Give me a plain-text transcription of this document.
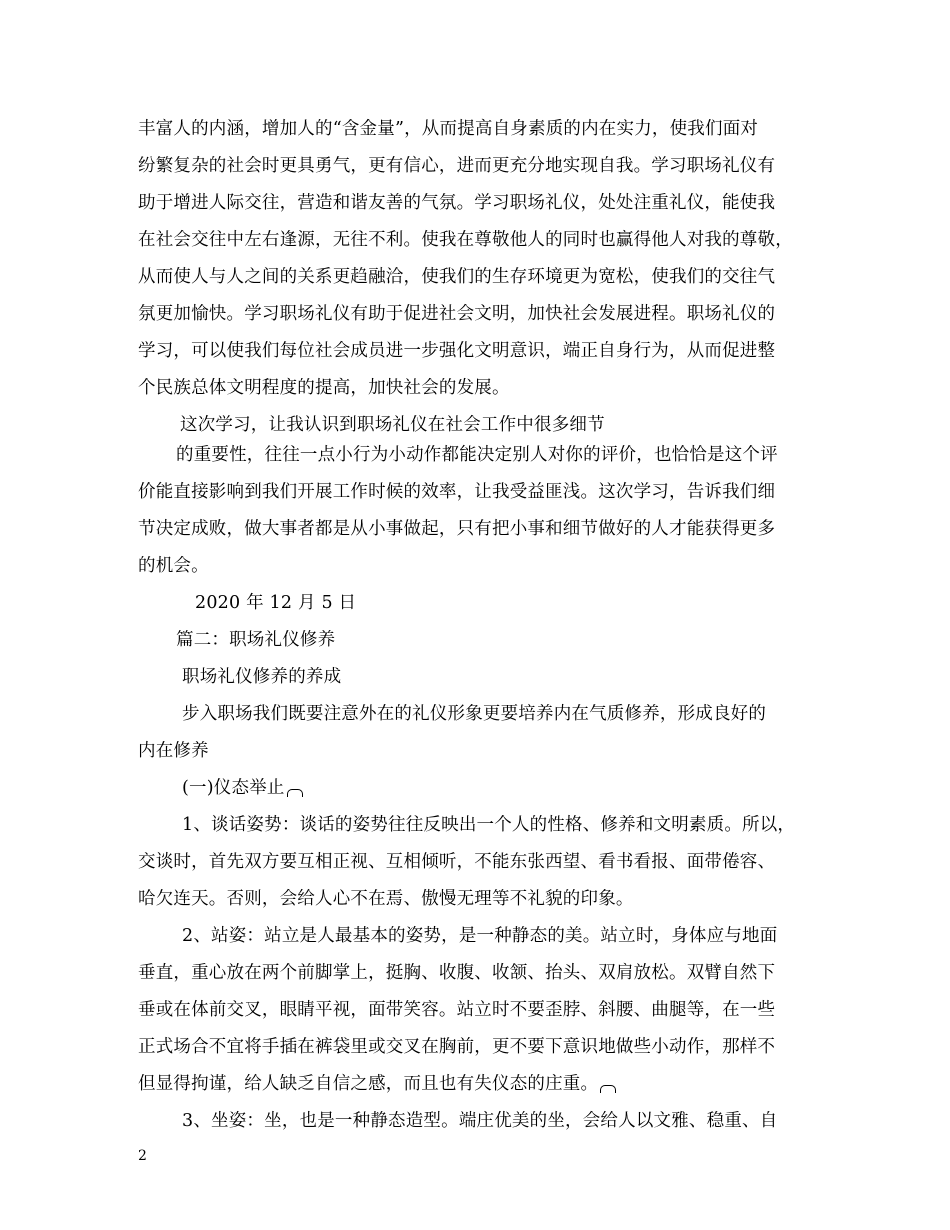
丰富人的内涵，增加人的“含金量”，从而提高自身素质的内在实力，使我们面对
纷繁复杂的社会时更具勇气，更有信心，进而更充分地实现自我。学习职场礼仪有
助于增进人际交往，营造和谐友善的气氛。学习职场礼仪，处处注重礼仪，能使我
在社会交往中左右逢源，无往不利。使我在尊敬他人的同时也赢得他人对我的尊敬，
从而使人与人之间的关系更趋融洽，使我们的生存环境更为宽松，使我们的交往气
氛更加愉快。学习职场礼仪有助于促进社会文明，加快社会发展进程。职场礼仪的
学习，可以使我们每位社会成员进一步强化文明意识，端正自身行为，从而促进整
个民族总体文明程度的提高，加快社会的发展。
这次学习，让我认识到职场礼仪在社会工作中很多细节
的重要性，往往一点小行为小动作都能决定别人对你的评价，也恰恰是这个评
价能直接影响到我们开展工作时候的效率，让我受益匪浅。这次学习，告诉我们细
节决定成败，做大事者都是从小事做起，只有把小事和细节做好的人才能获得更多
的机会。
2020 年 12 月 5 日
篇二：职场礼仪修养
职场礼仪修养的养成
步入职场我们既要注意外在的礼仪形象更要培养内在气质修养，形成良好的
内在修养
(一)仪态举止
1、谈话姿势：谈话的姿势往往反映出一个人的性格、修养和文明素质。所以，
交谈时，首先双方要互相正视、互相倾听，不能东张西望、看书看报、面带倦容、
哈欠连天。否则，会给人心不在焉、傲慢无理等不礼貌的印象。
2、站姿：站立是人最基本的姿势，是一种静态的美。站立时，身体应与地面
垂直，重心放在两个前脚掌上，挺胸、收腹、收颔、抬头、双肩放松。双臂自然下
垂或在体前交叉，眼睛平视，面带笑容。站立时不要歪脖、斜腰、曲腿等，在一些
正式场合不宜将手插在裤袋里或交叉在胸前，更不要下意识地做些小动作，那样不
但显得拘谨，给人缺乏自信之感，而且也有失仪态的庄重。
3、坐姿：坐，也是一种静态造型。端庄优美的坐，会给人以文雅、稳重、自
2
